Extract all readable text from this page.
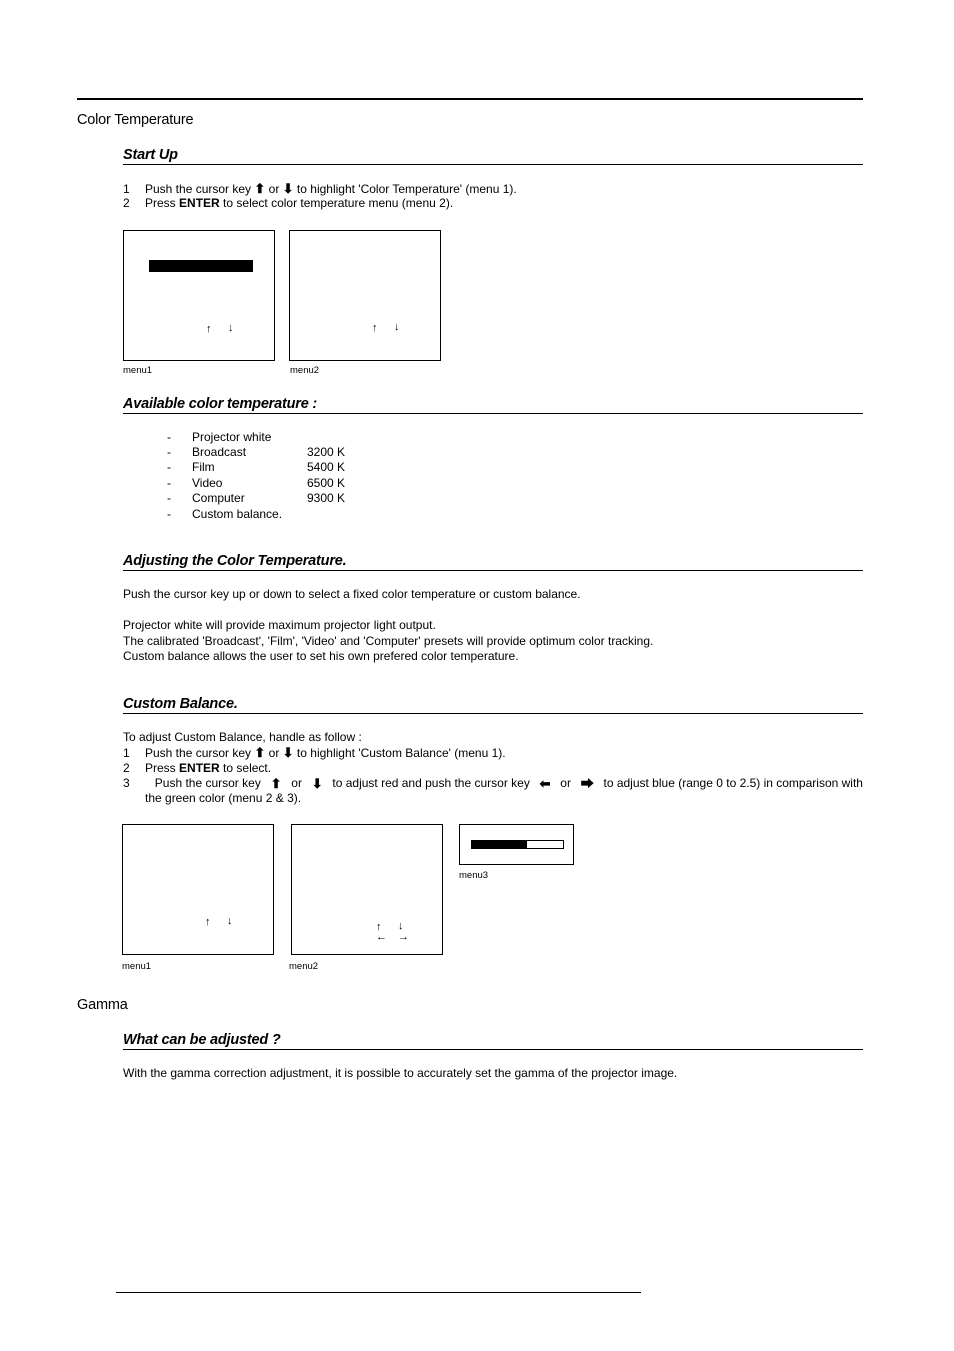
Color Temperature
Start Up
1 Push the cursor key ⬆ or ⬇ to highlight 'Color Temperature' (menu 1).
2 Press ENTER to select color temperature menu (menu 2).
↑ ↓	↑ ↓
menu1	menu2
Available color temperature :
- Projector white
- Broadcast	3200 K
- Film	5400 K
- Video	6500 K
- Computer	9300 K
- Custom balance.
Adjusting the Color Temperature.
Push the cursor key up or down to select a fixed color temperature or custom balance.
Projector white will provide maximum projector light output.
The calibrated 'Broadcast', 'Film', 'Video' and 'Computer' presets will provide optimum color tracking.
Custom balance allows the user to set his own prefered color temperature.
Custom Balance.
To adjust Custom Balance, handle as follow :
1 Push the cursor key ⬆ or ⬇ to highlight 'Custom Balance' (menu 1).
2 Press ENTER to select.
3	Push the cursor key ⬆ or ⬇ to adjust red and push the cursor key ⬅ or ⮕ to adjust blue (range 0 to 2.5) in comparison with
the green color (menu 2 & 3).
↑ ↓	↑ ↓
← →
menu1	menu2
menu3
Gamma
What can be adjusted ?
With the gamma correction adjustment, it is possible to accurately set the gamma of the projector image.
